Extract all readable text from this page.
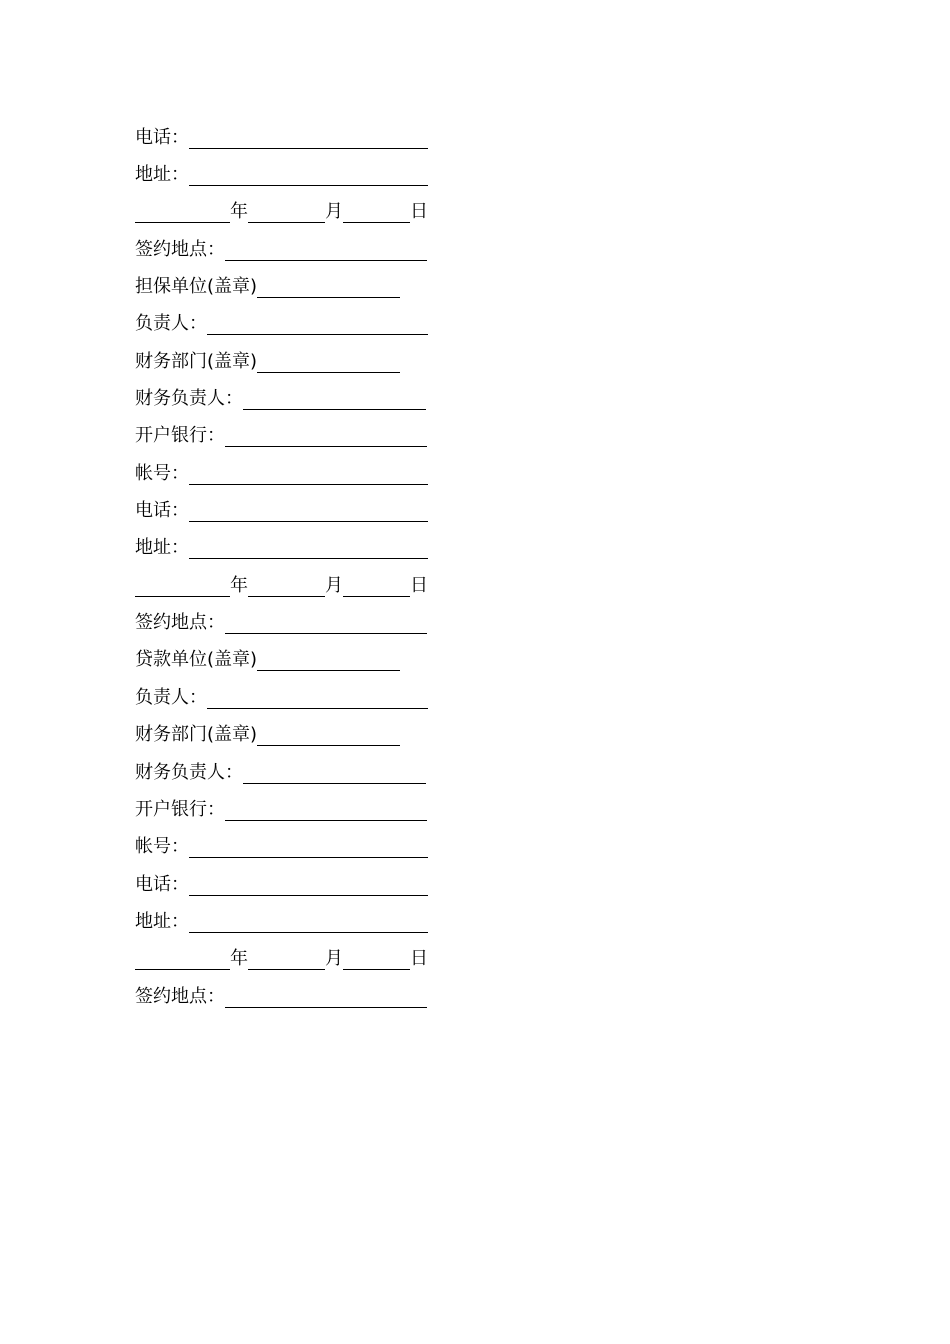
电话：
地址：
年	月	日
签约地点：
担保单位(盖章)
负责人：
财务部门(盖章)
财务负责人：
开户银行：
帐号：
电话：
地址：
年	月	日
签约地点：
贷款单位(盖章)
负责人：
财务部门(盖章)
财务负责人：
开户银行：
帐号：
电话：
地址：
年	月	日
签约地点：
